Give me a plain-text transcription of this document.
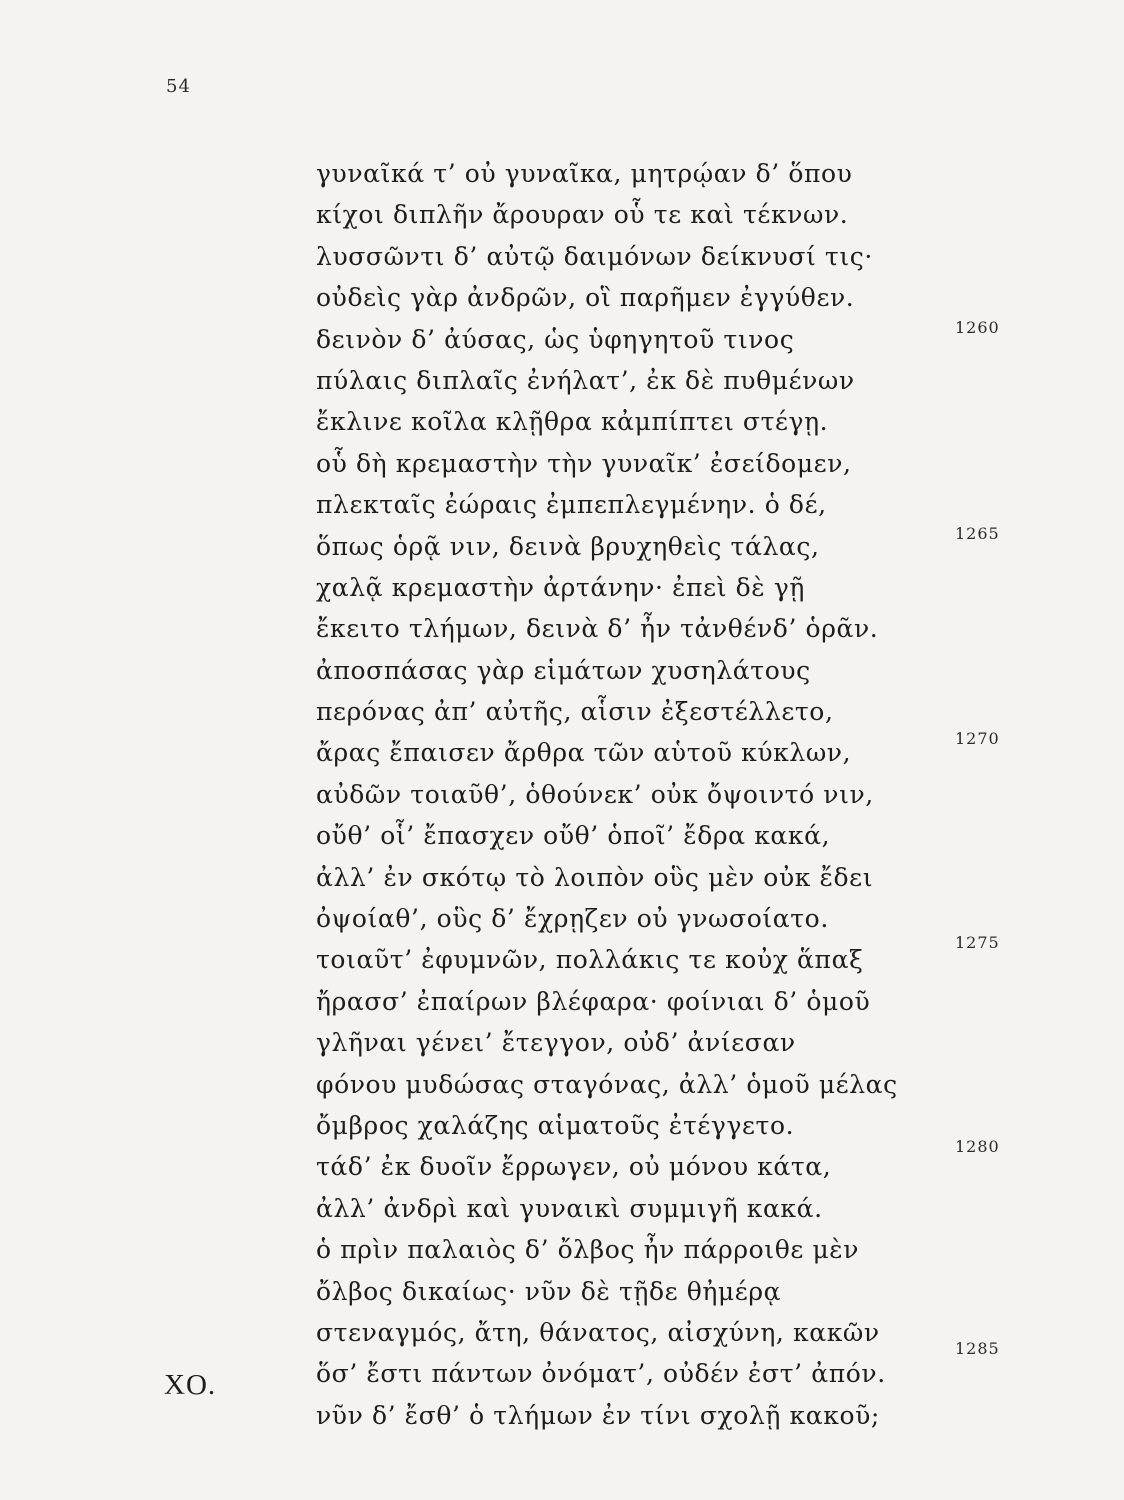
54
γυναῖκά τ’ οὐ γυναῖκα, μητρῴαν δ’ ὅπου
κίχοι διπλῆν ἄρουραν οὗ τε καὶ τέκνων.
λυσσῶντι δ’ αὐτῷ δαιμόνων δείκνυσί τις·
οὐδεὶς γὰρ ἀνδρῶν, οἳ παρῆμεν ἐγγύθεν.
δεινὸν δ’ ἀύσας, ὡς ὑφηγητοῦ τινος
πύλαις διπλαῖς ἐνήλατ’, ἐκ δὲ πυθμένων
ἔκλινε κοῖλα κλῇθρα κἀμπίπτει στέγῃ.
οὗ δὴ κρεμαστὴν τὴν γυναῖκ’ ἐσείδομεν,
πλεκταῖς ἐώραις ἐμπεπλεγμένην. ὁ δέ,
ὅπως ὁρᾷ νιν, δεινὰ βρυχηθεὶς τάλας,
χαλᾷ κρεμαστὴν ἀρτάνην· ἐπεὶ δὲ γῇ
ἔκειτο τλήμων, δεινὰ δ’ ἦν τἀνθένδ’ ὁρᾶν.
ἀποσπάσας γὰρ εἱμάτων χυσηλάτους
περόνας ἀπ’ αὐτῆς, αἷσιν ἐξεστέλλετο,
ἄρας ἔπαισεν ἄρθρα τῶν αὑτοῦ κύκλων,
αὐδῶν τοιαῦθ’, ὁθούνεκ’ οὐκ ὄψοιντό νιν,
οὔθ’ οἷ’ ἔπασχεν οὔθ’ ὁποῖ’ ἔδρα κακά,
ἀλλ’ ἐν σκότῳ τὸ λοιπὸν οὓς μὲν οὐκ ἔδει
ὀψοίαθ’, οὓς δ’ ἔχρῃζεν οὐ γνωσοίατο.
τοιαῦτ’ ἐφυμνῶν, πολλάκις τε κοὐχ ἅπαξ
ἤρασσ’ ἐπαίρων βλέφαρα· φοίνιαι δ’ ὁμοῦ
γλῆναι γένει’ ἔτεγγον, οὐδ’ ἀνίεσαν
φόνου μυδώσας σταγόνας, ἀλλ’ ὁμοῦ μέλας
ὄμβρος χαλάζης αἱματοῦς ἐτέγγετο.
τάδ’ ἐκ δυοῖν ἔρρωγεν, οὐ μόνου κάτα,
ἀλλ’ ἀνδρὶ καὶ γυναικὶ συμμιγῆ κακά.
ὁ πρὶν παλαιὸς δ’ ὄλβος ἦν πάρροιθε μὲν
ὄλβος δικαίως· νῦν δὲ τῇδε θἠμέρᾳ
στεναγμός, ἄτη, θάνατος, αἰσχύνη, κακῶν
ὅσ’ ἔστι πάντων ὀνόματ’, οὐδέν ἐστ’ ἀπόν.
νῦν δ’ ἔσθ’ ὁ τλήμων ἐν τίνι σχολῇ κακοῦ;
1260
1265
1270
1275
1280
1285
ΧΟ.
